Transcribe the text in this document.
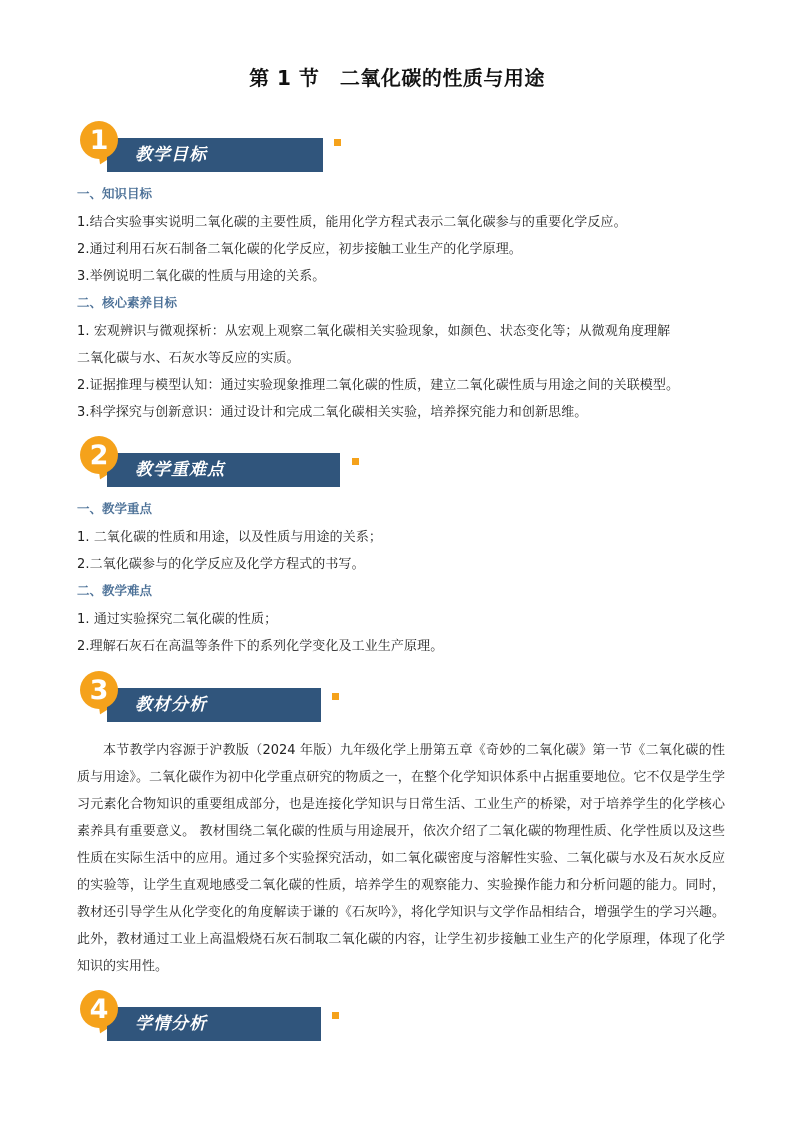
第 1 节　二氧化碳的性质与用途
教学目标
1
一、知识目标
1.结合实验事实说明二氧化碳的主要性质，能用化学方程式表示二氧化碳参与的重要化学反应。
2.通过利用石灰石制备二氧化碳的化学反应，初步接触工业生产的化学原理。
3.举例说明二氧化碳的性质与用途的关系。
二、核心素养目标
1. 宏观辨识与微观探析：从宏观上观察二氧化碳相关实验现象，如颜色、状态变化等；从微观角度理解
二氧化碳与水、石灰水等反应的实质。
2.证据推理与模型认知：通过实验现象推理二氧化碳的性质，建立二氧化碳性质与用途之间的关联模型。
3.科学探究与创新意识：通过设计和完成二氧化碳相关实验，培养探究能力和创新思维。
教学重难点
2
一、教学重点
1. 二氧化碳的性质和用途，以及性质与用途的关系；
2.二氧化碳参与的化学反应及化学方程式的书写。
二、教学难点
1. 通过实验探究二氧化碳的性质；
2.理解石灰石在高温等条件下的系列化学变化及工业生产原理。
教材分析
3
本节教学内容源于沪教版（2024 年版）九年级化学上册第五章《奇妙的二氧化碳》第一节《二氧化碳的性质与用途》。二氧化碳作为初中化学重点研究的物质之一，在整个化学知识体系中占据重要地位。它不仅是学生学习元素化合物知识的重要组成部分，也是连接化学知识与日常生活、工业生产的桥梁，对于培养学生的化学核心素养具有重要意义。 教材围绕二氧化碳的性质与用途展开，依次介绍了二氧化碳的物理性质、化学性质以及这些性质在实际生活中的应用。通过多个实验探究活动，如二氧化碳密度与溶解性实验、二氧化碳与水及石灰水反应的实验等，让学生直观地感受二氧化碳的性质，培养学生的观察能力、实验操作能力和分析问题的能力。同时，教材还引导学生从化学变化的角度解读于谦的《石灰吟》，将化学知识与文学作品相结合，增强学生的学习兴趣。此外，教材通过工业上高温煅烧石灰石制取二氧化碳的内容，让学生初步接触工业生产的化学原理，体现了化学知识的实用性。
学情分析
4
